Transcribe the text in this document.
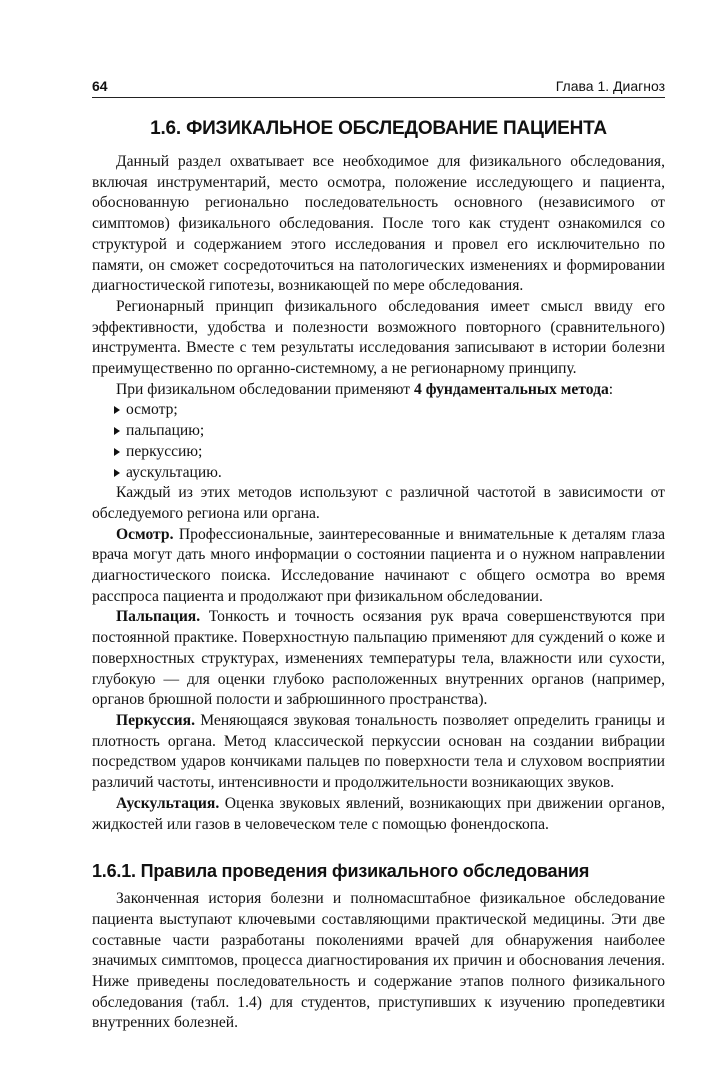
64	Глава 1. Диагноз
1.6. ФИЗИКАЛЬНОЕ ОБСЛЕДОВАНИЕ ПАЦИЕНТА

Данный раздел охватывает все необходимое для физикального обследования, включая инструментарий, место осмотра, положение исследующего и пациента, обоснованную регионально последовательность основного (независимого от симптомов) физикального обследования. После того как студент ознакомился со структурой и содержанием этого исследования и провел его исключительно по памяти, он сможет сосредоточиться на патологических изменениях и формировании диагностической гипотезы, возникающей по мере обследования.

Регионарный принцип физикального обследования имеет смысл ввиду его эффективности, удобства и полезности возможного повторного (сравнительного) инструмента. Вместе с тем результаты исследования записывают в истории болезни преимущественно по органно-системному, а не регионарному принципу.

При физикальном обследовании применяют 4 фундаментальных метода:

осмотр;
пальпацию;
перкуссию;
аускультацию.

Каждый из этих методов используют с различной частотой в зависимости от обследуемого региона или органа.

Осмотр. Профессиональные, заинтересованные и внимательные к деталям глаза врача могут дать много информации о состоянии пациента и о нужном направлении диагностического поиска. Исследование начинают с общего осмотра во время расспроса пациента и продолжают при физикальном обследовании.

Пальпация. Тонкость и точность осязания рук врача совершенствуются при постоянной практике. Поверхностную пальпацию применяют для суждений о коже и поверхностных структурах, изменениях температуры тела, влажности или сухости, глубокую — для оценки глубоко расположенных внутренних органов (например, органов брюшной полости и забрюшинного пространства).

Перкуссия. Меняющаяся звуковая тональность позволяет определить границы и плотность органа. Метод классической перкуссии основан на создании вибрации посредством ударов кончиками пальцев по поверхности тела и слуховом восприятии различий частоты, интенсивности и продолжительности возникающих звуков.

Аускультация. Оценка звуковых явлений, возникающих при движении органов, жидкостей или газов в человеческом теле с помощью фонендоскопа.

1.6.1. Правила проведения физикального обследования

Законченная история болезни и полномасштабное физикальное обследование пациента выступают ключевыми составляющими практической медицины. Эти две составные части разработаны поколениями врачей для обнаружения наиболее значимых симптомов, процесса диагностирования их причин и обоснования лечения. Ниже приведены последовательность и содержание этапов полного физикального обследования (табл. 1.4) для студентов, приступивших к изучению пропедевтики внутренних болезней.
